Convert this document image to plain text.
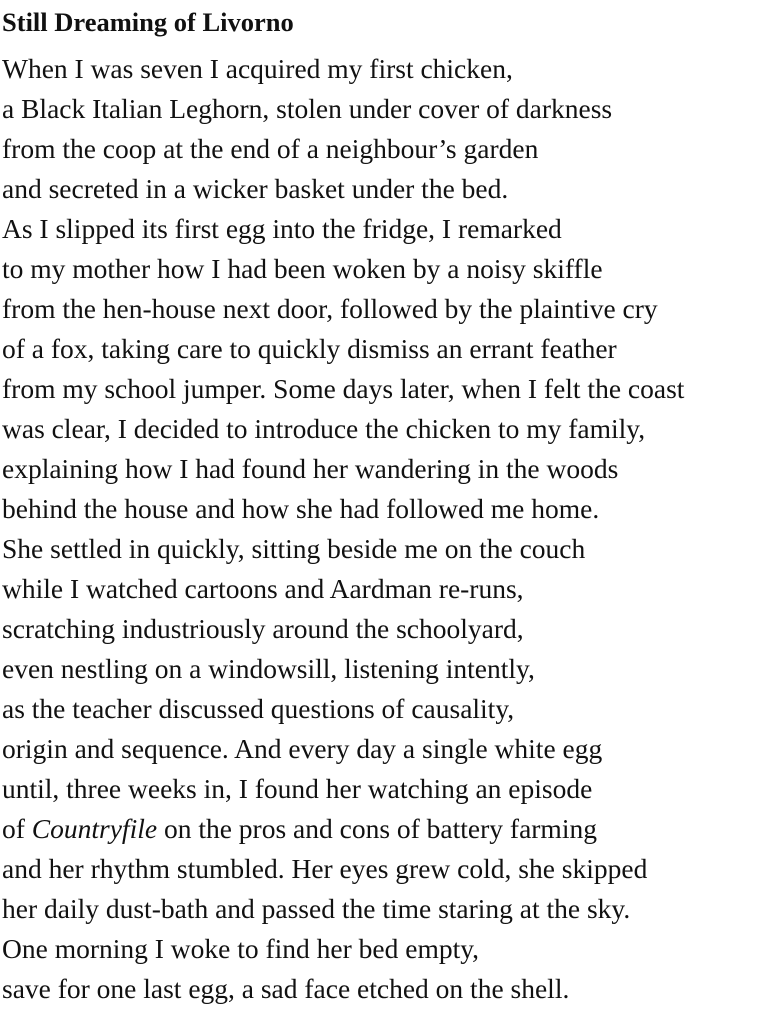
Still Dreaming of Livorno
When I was seven I acquired my first chicken,
a Black Italian Leghorn, stolen under cover of darkness
from the coop at the end of a neighbour’s garden
and secreted in a wicker basket under the bed.
As I slipped its first egg into the fridge, I remarked
to my mother how I had been woken by a noisy skiffle
from the hen-house next door, followed by the plaintive cry
of a fox, taking care to quickly dismiss an errant feather
from my school jumper. Some days later, when I felt the coast
was clear, I decided to introduce the chicken to my family,
explaining how I had found her wandering in the woods
behind the house and how she had followed me home.
She settled in quickly, sitting beside me on the couch
while I watched cartoons and Aardman re-runs,
scratching industriously around the schoolyard,
even nestling on a windowsill, listening intently,
as the teacher discussed questions of causality,
origin and sequence. And every day a single white egg
until, three weeks in, I found her watching an episode
of Countryfile on the pros and cons of battery farming
and her rhythm stumbled. Her eyes grew cold, she skipped
her daily dust-bath and passed the time staring at the sky.
One morning I woke to find her bed empty,
save for one last egg, a sad face etched on the shell.
